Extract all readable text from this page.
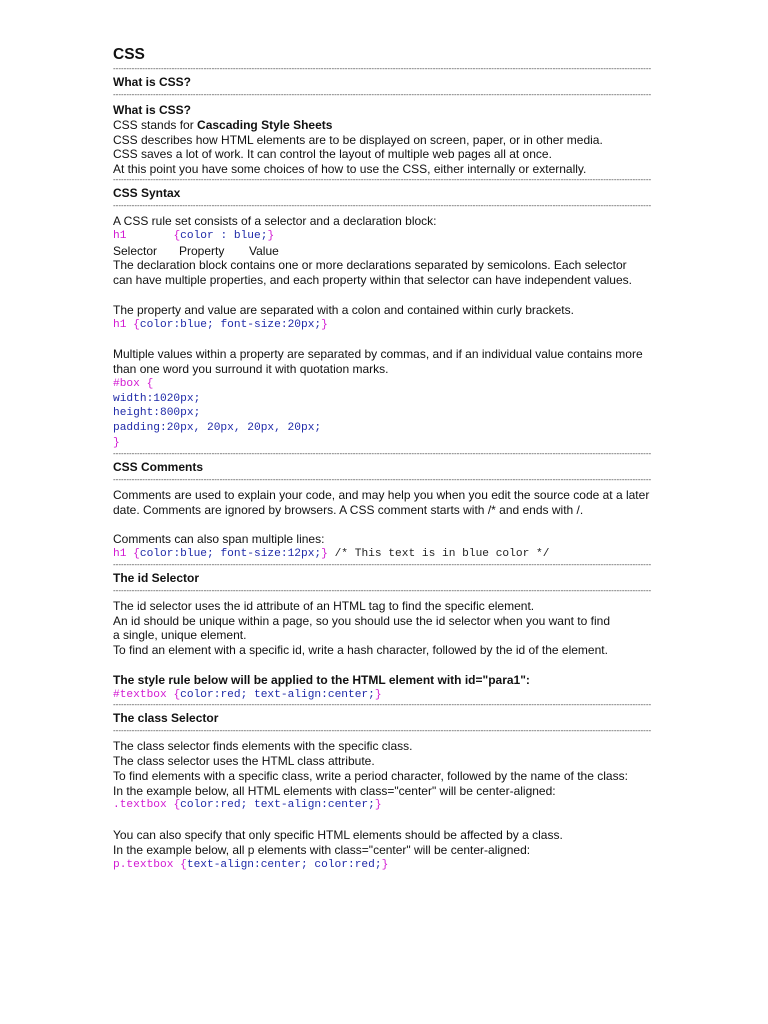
CSS
-----
What is CSS?
-----
What is CSS?
CSS stands for Cascading Style Sheets
CSS describes how HTML elements are to be displayed on screen, paper, or in other media.
CSS saves a lot of work. It can control the layout of multiple web pages all at once.
At this point you have some choices of how to use the CSS, either internally or externally.
-----
CSS Syntax
-----
A CSS rule set consists of a selector and a declaration block:
h1	{color : blue;}
Selector Property Value
The declaration block contains one or more declarations separated by semicolons. Each selector
can have multiple properties, and each property within that selector can have independent values.
The property and value are separated with a colon and contained within curly brackets.
h1 {color:blue; font-size:20px;}
Multiple values within a property are separated by commas, and if an individual value contains more
than one word you surround it with quotation marks.
#box {
width:1020px;
height:800px;
padding:20px, 20px, 20px, 20px;
}
-----
CSS Comments
-----
Comments are used to explain your code, and may help you when you edit the source code at a later
date. Comments are ignored by browsers. A CSS comment starts with /* and ends with /.
Comments can also span multiple lines:
h1 {color:blue; font-size:12px;} /* This text is in blue color */
-----
The id Selector
-----
The id selector uses the id attribute of an HTML tag to find the specific element.
An id should be unique within a page, so you should use the id selector when you want to find
a single, unique element.
To find an element with a specific id, write a hash character, followed by the id of the element.
The style rule below will be applied to the HTML element with id="para1":
#textbox {color:red; text-align:center;}
-----
The class Selector
-----
The class selector finds elements with the specific class.
The class selector uses the HTML class attribute.
To find elements with a specific class, write a period character, followed by the name of the class:
In the example below, all HTML elements with class="center" will be center-aligned:
.textbox {color:red; text-align:center;}
You can also specify that only specific HTML elements should be affected by a class.
In the example below, all p elements with class="center" will be center-aligned:
p.textbox {text-align:center; color:red;}
